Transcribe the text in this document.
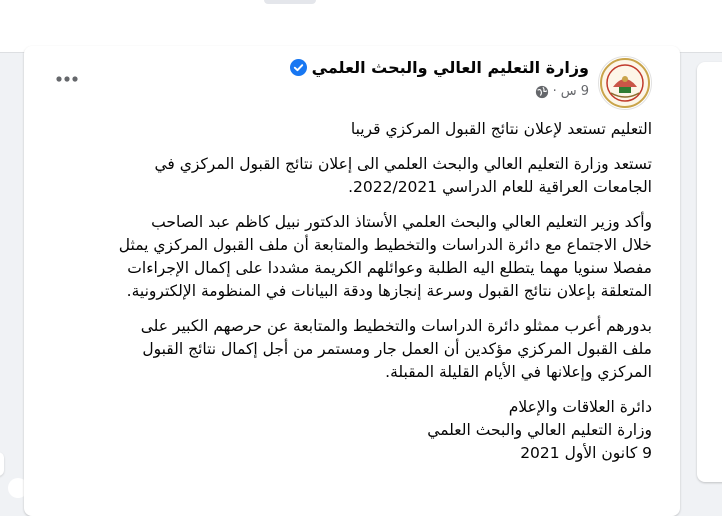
وزارة التعليم العالي والبحث العلمي
9 س
·

التعليم تستعد لإعلان نتائج القبول المركزي قريبا

تستعد وزارة التعليم العالي والبحث العلمي الى إعلان نتائج القبول المركزي في
الجامعات العراقية للعام الدراسي 2022/2021.

وأكد وزير التعليم العالي والبحث العلمي الأستاذ الدكتور نبيل كاظم عبد الصاحب
خلال الاجتماع مع دائرة الدراسات والتخطيط والمتابعة أن ملف القبول المركزي يمثل
مفصلا سنويا مهما يتطلع اليه الطلبة وعوائلهم الكريمة مشددا على إكمال الإجراءات
المتعلقة بإعلان نتائج القبول وسرعة إنجازها ودقة البيانات في المنظومة الإلكترونية.

بدورهم أعرب ممثلو دائرة الدراسات والتخطيط والمتابعة عن حرصهم الكبير على
ملف القبول المركزي مؤكدين أن العمل جار ومستمر من أجل إكمال نتائج القبول
المركزي وإعلانها في الأيام القليلة المقبلة.

دائرة العلاقات والإعلام
وزارة التعليم العالي والبحث العلمي
9 كانون الأول 2021
